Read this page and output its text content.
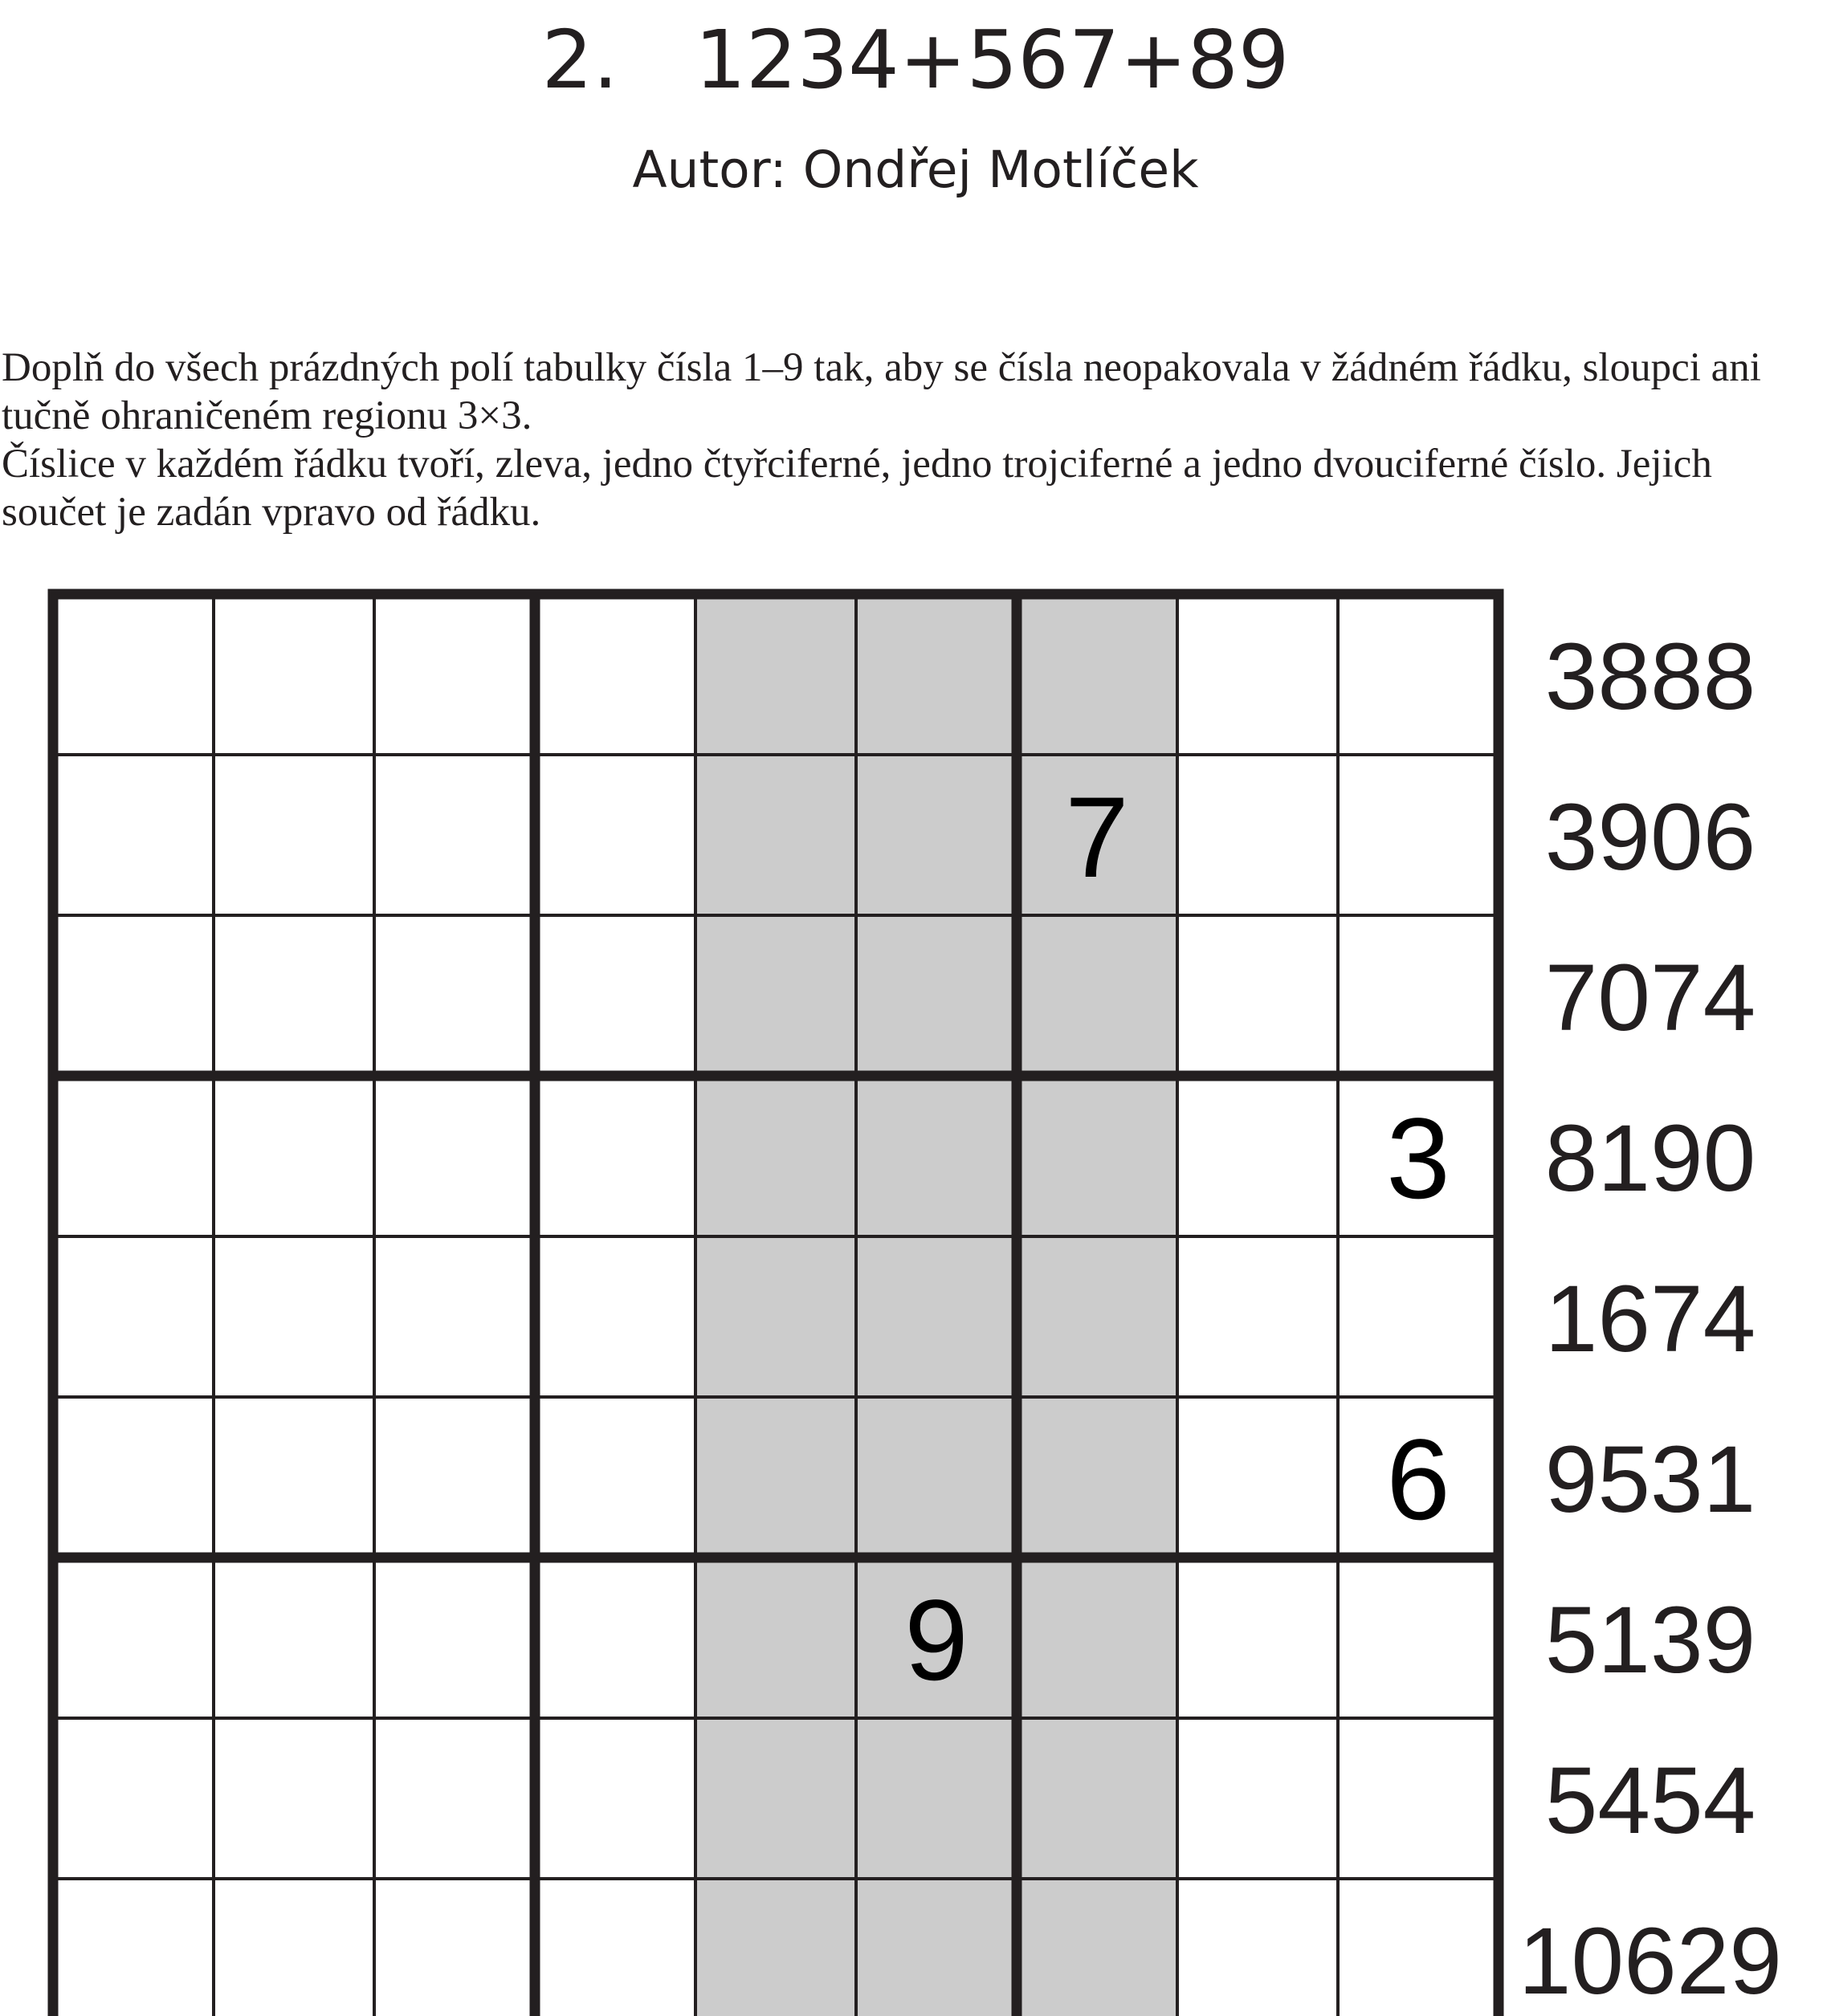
2.   1234+567+89
Autor: Ondřej Motlíček

Doplň do všech prázdných polí tabulky čísla 1–9 tak, aby se čísla neopakovala v žádném řádku, sloupci ani tučně ohraničeném regionu 3×3.

Číslice v každém řádku tvoří, zleva, jedno čtyřciferné, jedno trojciferné a jedno dvouciferné číslo. Jejich součet je zadán vpravo od řádku.

7
3
6
9
3888
3906
7074
8190
1674
9531
5139
5454
10629
